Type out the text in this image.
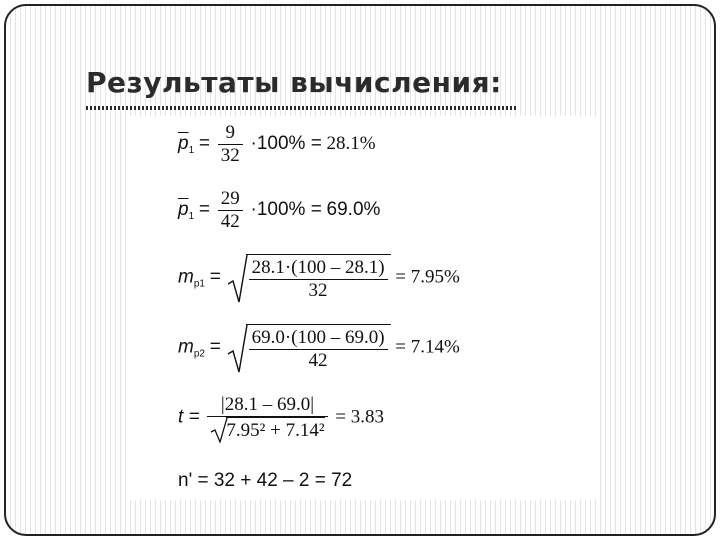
Результаты вычисления:
$\overline{p}_1 = \frac{9}{32} \cdot 100\% = 28.1\%$
$\overline{p}_1 = \frac{29}{42} \cdot 100\% = 69.0\%$
$m_{p1} = \frac{28.1\cdot(100 - 28.1)}{32} = 7.95\%$
$m_{p2} = \frac{69.0\cdot(100 - 69.0)}{42} = 7.14\%$
$t = \frac{|28.1 - 69.0|}{\text{7.95² + 7.14²}} = 3.83$
n' = 32 + 42 – 2 = 72
